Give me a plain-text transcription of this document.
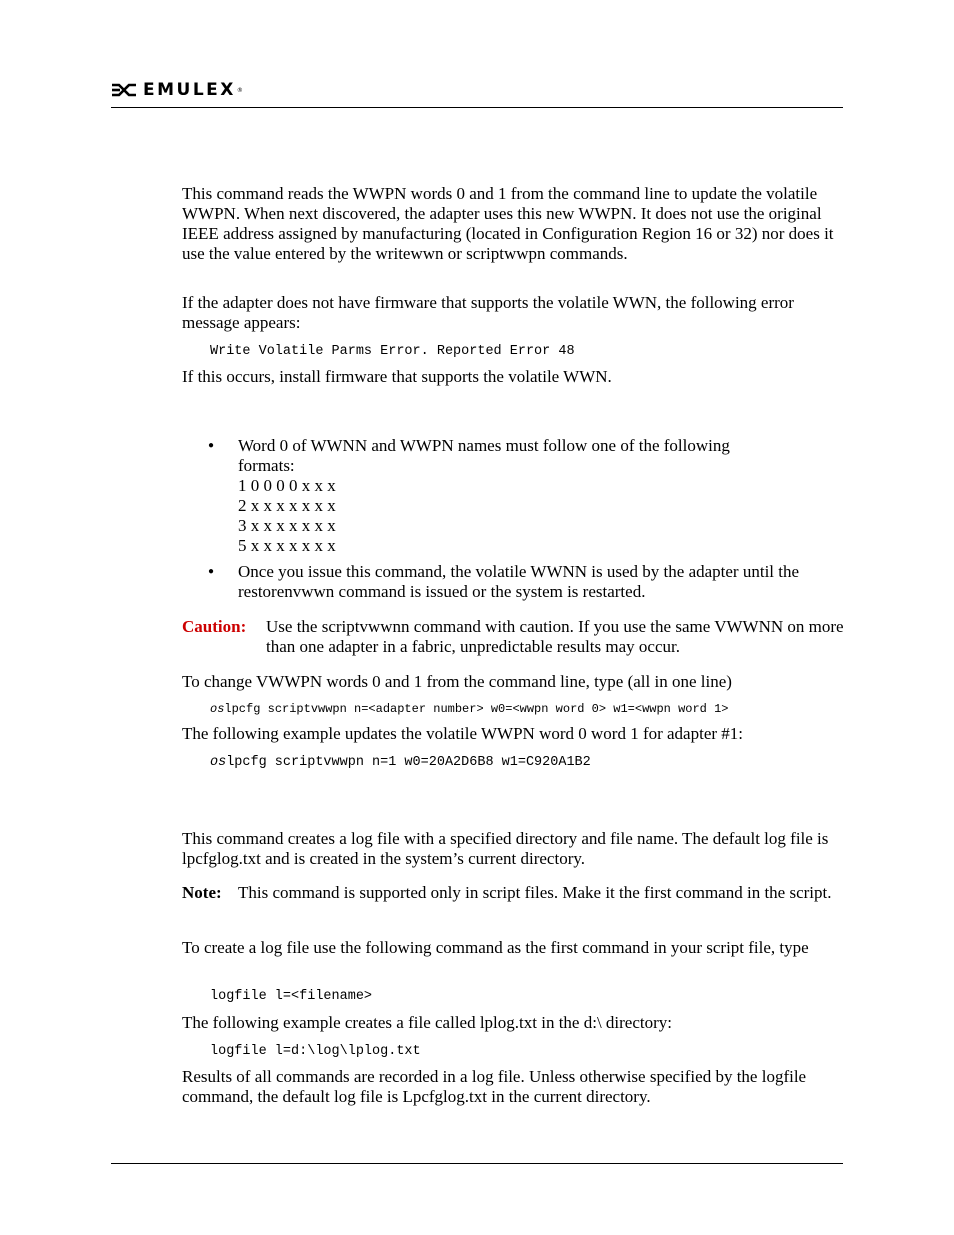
EMULEX ®
This command reads the WWPN words 0 and 1 from the command line to update the volatile WWPN. When next discovered, the adapter uses this new WWPN. It does not use the original IEEE address assigned by manufacturing (located in Configuration Region 16 or 32) nor does it use the value entered by the writewwn or scriptwwpn commands.
If the adapter does not have firmware that supports the volatile WWN, the following error message appears:
Write Volatile Parms Error. Reported Error 48
If this occurs, install firmware that supports the volatile WWN.
● Word 0 of WWNN and WWPN names must follow one of the following
formats:
1 0 0 0 0 x x x
2 x x x x x x x
3 x x x x x x x
5 x x x x x x x
● Once you issue this command, the volatile WWNN is used by the adapter until the restorenvwwn command is issued or the system is restarted.
Caution: Use the scriptvwwnn command with caution. If you use the same VWWNN on more than one adapter in a fabric, unpredictable results may occur.
To change VWWPN words 0 and 1 from the command line, type (all in one line)
oslpcfg scriptvwwpn n=<adapter number> w0=<wwpn word 0> w1=<wwpn word 1>
The following example updates the volatile WWPN word 0 word 1 for adapter #1:
oslpcfg scriptvwwpn n=1 w0=20A2D6B8 w1=C920A1B2
This command creates a log file with a specified directory and file name. The default log file is lpcfglog.txt and is created in the system’s current directory.
Note: This command is supported only in script files. Make it the first command in the script.
To create a log file use the following command as the first command in your script file, type
logfile l=<filename>
The following example creates a file called lplog.txt in the d:\ directory:
logfile l=d:\log\lplog.txt
Results of all commands are recorded in a log file. Unless otherwise specified by the logfile command, the default log file is Lpcfglog.txt in the current directory.
